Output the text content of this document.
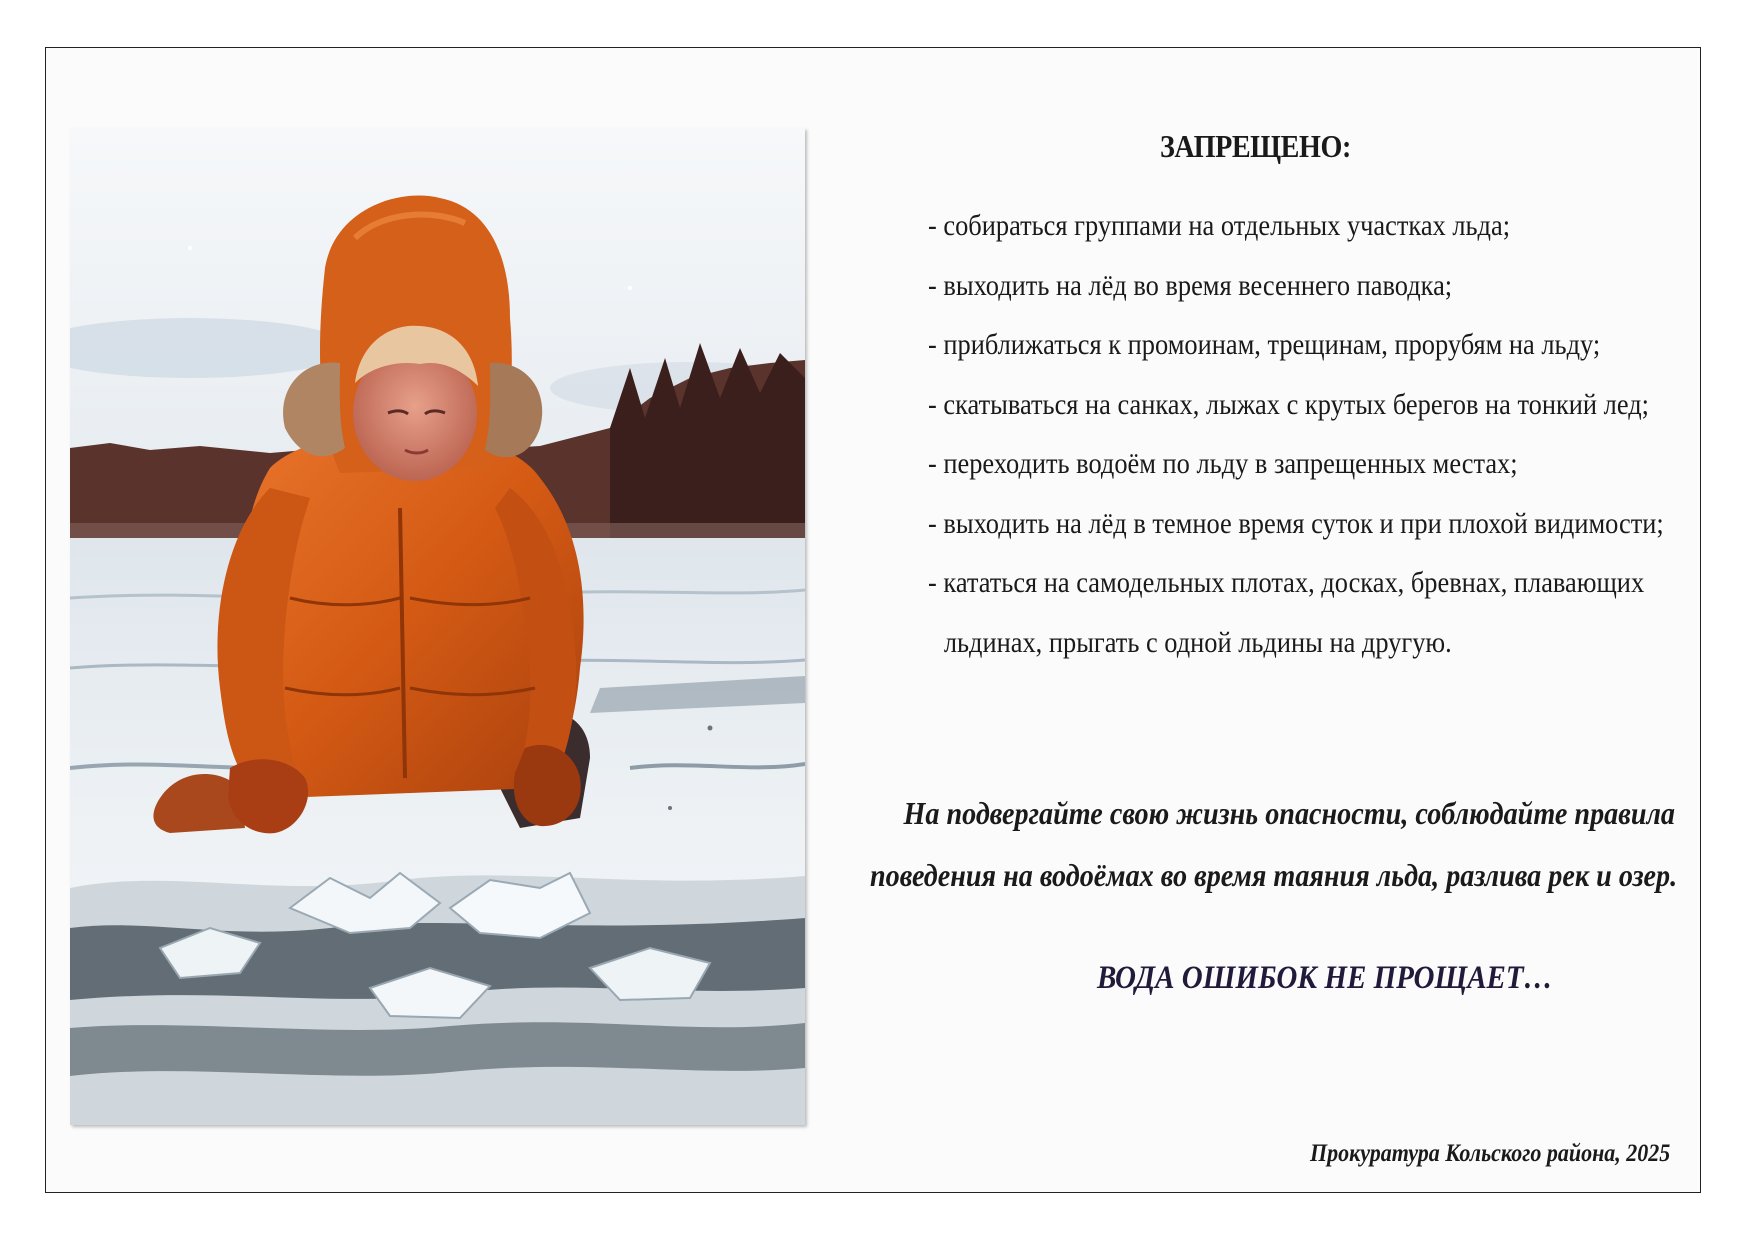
ЗАПРЕЩЕНО:
- собираться группами на отдельных участках льда;
- выходить на лёд во время весеннего паводка;
- приближаться к промоинам, трещинам, прорубям на льду;
- скатываться на санках, лыжах с крутых берегов на тонкий лед;
- переходить водоём по льду в запрещенных местах;
- выходить на лёд в темное время суток и при плохой видимости;
- кататься на самодельных плотах, досках, бревнах, плавающих
льдинах, прыгать с одной льдины на другую.
На подвергайте свою жизнь опасности, соблюдайте правила
поведения на водоёмах во время таяния льда, разлива рек и озер.
ВОДА ОШИБОК НЕ ПРОЩАЕТ…
Прокуратура Кольского района, 2025
